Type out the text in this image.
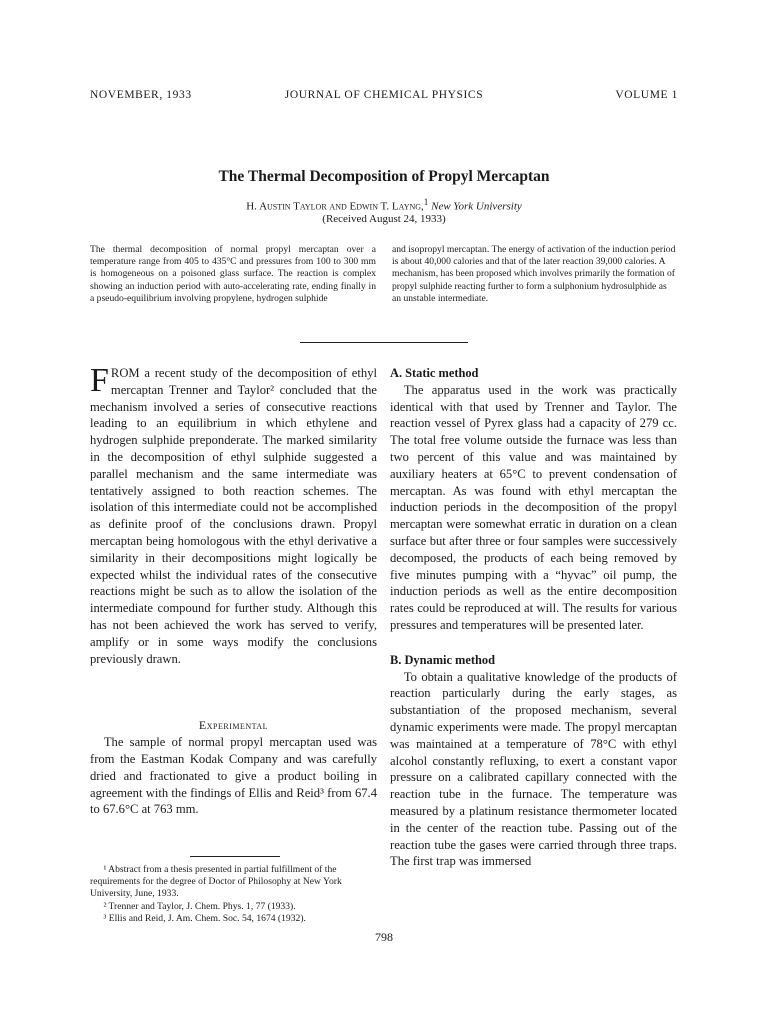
NOVEMBER, 1933	JOURNAL OF CHEMICAL PHYSICS	VOLUME 1
The Thermal Decomposition of Propyl Mercaptan
H. Austin Taylor and Edwin T. Layng,$^1$ New York University
(Received August 24, 1933)
The thermal decomposition of normal propyl mercaptan over a temperature range from 405 to 435°C and pressures from 100 to 300 mm is homogeneous on a poisoned glass surface. The reaction is complex showing an induction period with auto-accelerating rate, ending finally in a pseudo-equilibrium involving propylene, hydrogen sulphide
and isopropyl mercaptan. The energy of activation of the induction period is about 40,000 calories and that of the later reaction 39,000 calories. A mechanism, has been proposed which involves primarily the formation of propyl sulphide reacting further to form a sulphonium hydrosulphide as an unstable intermediate.

FROM a recent study of the decomposition of ethyl mercaptan Trenner and Taylor² concluded that the mechanism involved a series of consecutive reactions leading to an equilibrium in which ethylene and hydrogen sulphide preponderate. The marked similarity in the decomposition of ethyl sulphide suggested a parallel mechanism and the same intermediate was tentatively assigned to both reaction schemes. The isolation of this intermediate could not be accomplished as definite proof of the conclusions drawn. Propyl mercaptan being homologous with the ethyl derivative a similarity in their decompositions might logically be expected whilst the individual rates of the consecutive reactions might be such as to allow the isolation of the intermediate compound for further study. Although this has not been achieved the work has served to verify, amplify or in some ways modify the conclusions previously drawn.

Experimental

The sample of normal propyl mercaptan used was from the Eastman Kodak Company and was carefully dried and fractionated to give a product boiling in agreement with the findings of Ellis and Reid³ from 67.4 to 67.6°C at 763 mm.

¹ Abstract from a thesis presented in partial fulfillment of the requirements for the degree of Doctor of Philosophy at New York University, June, 1933.

² Trenner and Taylor, J. Chem. Phys. 1, 77 (1933).

³ Ellis and Reid, J. Am. Chem. Soc. 54, 1674 (1932).

A. Static method

The apparatus used in the work was practically identical with that used by Trenner and Taylor. The reaction vessel of Pyrex glass had a capacity of 279 cc. The total free volume outside the furnace was less than two percent of this value and was maintained by auxiliary heaters at 65°C to prevent condensation of mercaptan. As was found with ethyl mercaptan the induction periods in the decomposition of the propyl mercaptan were somewhat erratic in duration on a clean surface but after three or four samples were successively decomposed, the products of each being removed by five minutes pumping with a “hyvac” oil pump, the induction periods as well as the entire decomposition rates could be reproduced at will. The results for various pressures and temperatures will be presented later.

B. Dynamic method

To obtain a qualitative knowledge of the products of reaction particularly during the early stages, as substantiation of the proposed mechanism, several dynamic experiments were made. The propyl mercaptan was maintained at a temperature of 78°C with ethyl alcohol constantly refluxing, to exert a constant vapor pressure on a calibrated capillary connected with the reaction tube in the furnace. The temperature was measured by a platinum resistance thermometer located in the center of the reaction tube. Passing out of the reaction tube the gases were carried through three traps. The first trap was immersed

798
